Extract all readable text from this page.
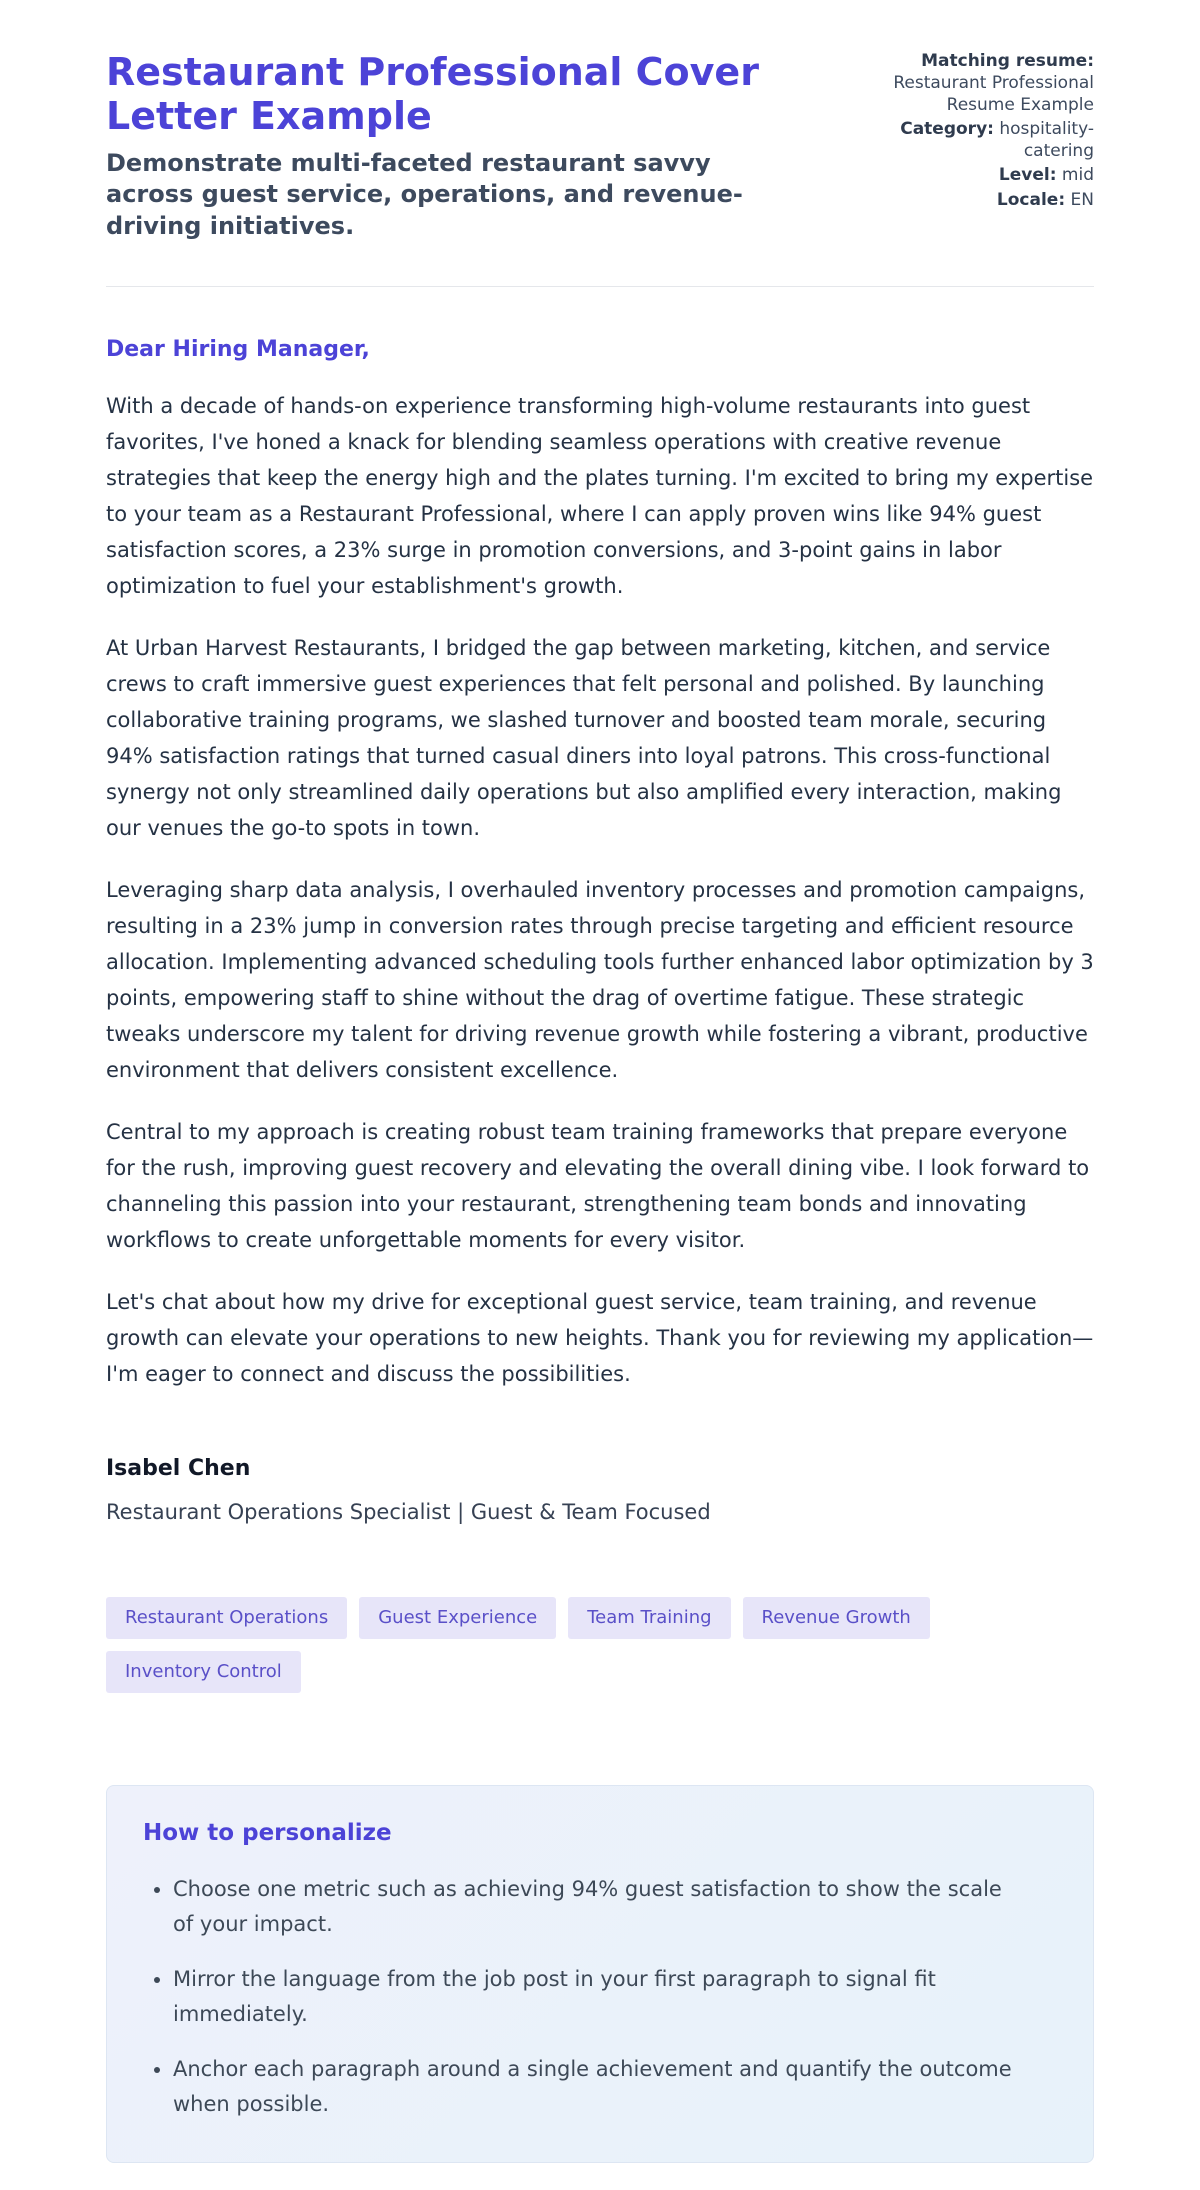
Restaurant Professional Cover Letter Example

Demonstrate multi-faceted restaurant savvy across guest service, operations, and revenue-driving initiatives.

Matching resume: Restaurant Professional Resume Example

Category: hospitality-catering

Level: mid

Locale: EN

Dear Hiring Manager,

With a decade of hands-on experience transforming high-volume restaurants into guest favorites, I've honed a knack for blending seamless operations with creative revenue strategies that keep the energy high and the plates turning. I'm excited to bring my expertise to your team as a Restaurant Professional, where I can apply proven wins like 94% guest satisfaction scores, a 23% surge in promotion conversions, and 3-point gains in labor optimization to fuel your establishment's growth.

At Urban Harvest Restaurants, I bridged the gap between marketing, kitchen, and service crews to craft immersive guest experiences that felt personal and polished. By launching collaborative training programs, we slashed turnover and boosted team morale, securing 94% satisfaction ratings that turned casual diners into loyal patrons. This cross-functional synergy not only streamlined daily operations but also amplified every interaction, making our venues the go-to spots in town.

Leveraging sharp data analysis, I overhauled inventory processes and promotion campaigns, resulting in a 23% jump in conversion rates through precise targeting and efficient resource allocation. Implementing advanced scheduling tools further enhanced labor optimization by 3 points, empowering staff to shine without the drag of overtime fatigue. These strategic tweaks underscore my talent for driving revenue growth while fostering a vibrant, productive environment that delivers consistent excellence.

Central to my approach is creating robust team training frameworks that prepare everyone for the rush, improving guest recovery and elevating the overall dining vibe. I look forward to channeling this passion into your restaurant, strengthening team bonds and innovating workflows to create unforgettable moments for every visitor.

Let's chat about how my drive for exceptional guest service, team training, and revenue growth can elevate your operations to new heights. Thank you for reviewing my application—I'm eager to connect and discuss the possibilities.

Isabel Chen

Restaurant Operations Specialist | Guest & Team Focused

Restaurant Operations	Guest Experience	Team Training	Revenue Growth
Inventory Control
How to personalize
• Choose one metric such as achieving 94% guest satisfaction to show the scale of your impact.
• Mirror the language from the job post in your first paragraph to signal fit immediately.
• Anchor each paragraph around a single achievement and quantify the outcome when possible.
